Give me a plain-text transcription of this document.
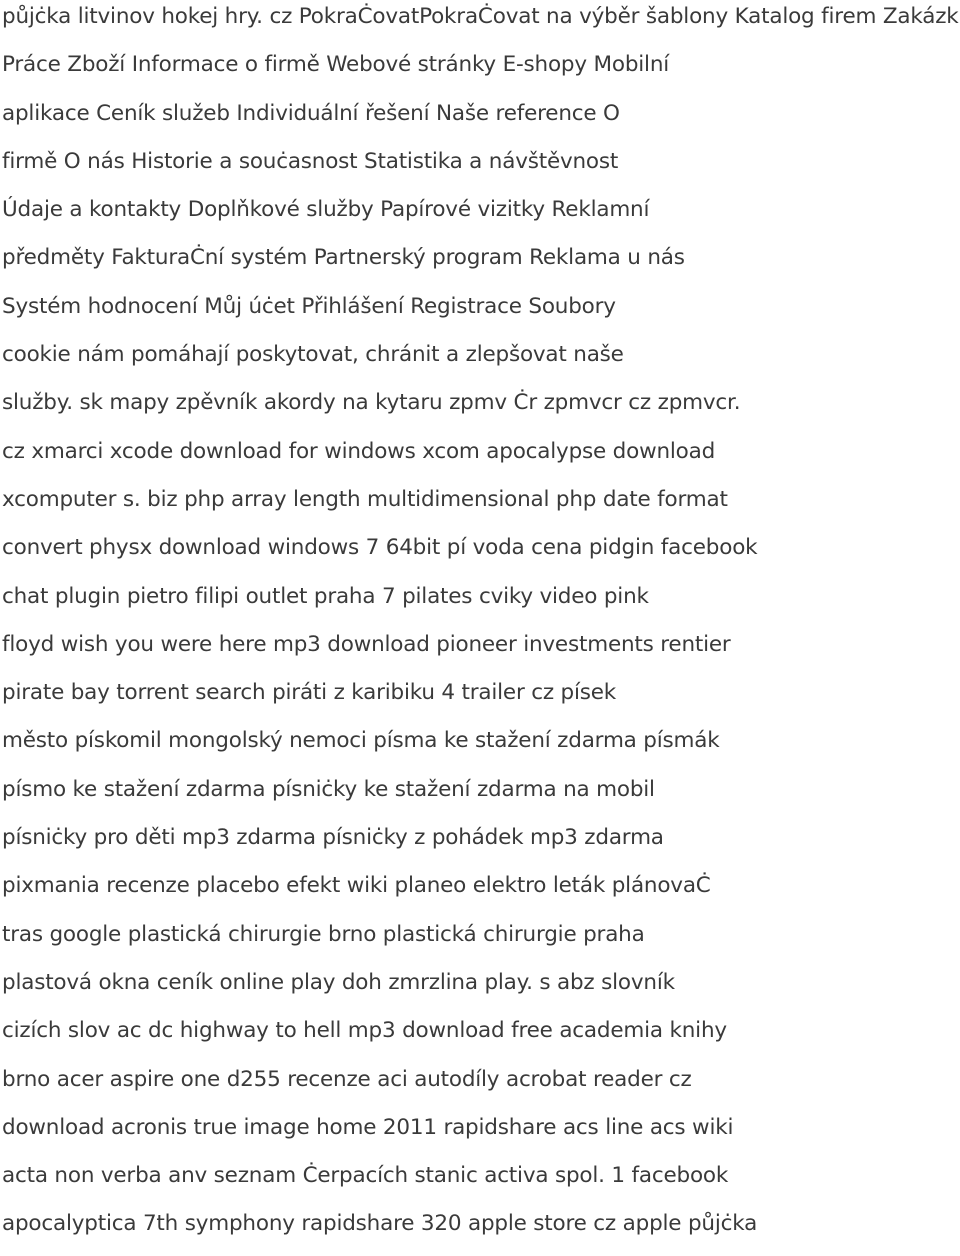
půjċka litvinov hokej hry. cz PokraĊovatPokraĊovat na výběr šablony Katalog firem Zakázk
Práce Zboží Informace o firmě Webové stránky E-shopy Mobilní
aplikace Ceník služeb Individuální řešení Naše reference O
firmě O nás Historie a souċasnost Statistika a návštěvnost
Údaje a kontakty Doplňkové služby Papírové vizitky Reklamní
předměty FakturaĊní systém Partnerský program Reklama u nás
Systém hodnocení Můj úċet Přihlášení Registrace Soubory
cookie nám pomáhají poskytovat, chránit a zlepšovat naše
služby. sk mapy zpěvník akordy na kytaru zpmv Ċr zpmvcr cz zpmvcr.
cz xmarci xcode download for windows xcom apocalypse download
xcomputer s. biz php array length multidimensional php date format
convert physx download windows 7 64bit pí voda cena pidgin facebook
chat plugin pietro filipi outlet praha 7 pilates cviky video pink
floyd wish you were here mp3 download pioneer investments rentier
pirate bay torrent search piráti z karibiku 4 trailer cz písek
město pískomil mongolský nemoci písma ke stažení zdarma písmák
písmo ke stažení zdarma písniċky ke stažení zdarma na mobil
písniċky pro děti mp3 zdarma písniċky z pohádek mp3 zdarma
pixmania recenze placebo efekt wiki planeo elektro leták plánovaĊ
tras google plastická chirurgie brno plastická chirurgie praha
plastová okna ceník online play doh zmrzlina play. s abz slovník
cizích slov ac dc highway to hell mp3 download free academia knihy
brno acer aspire one d255 recenze aci autodíly acrobat reader cz
download acronis true image home 2011 rapidshare acs line acs wiki
acta non verba anv seznam Ċerpacích stanic activa spol. 1 facebook
apocalyptica 7th symphony rapidshare 320 apple store cz apple půjċka
